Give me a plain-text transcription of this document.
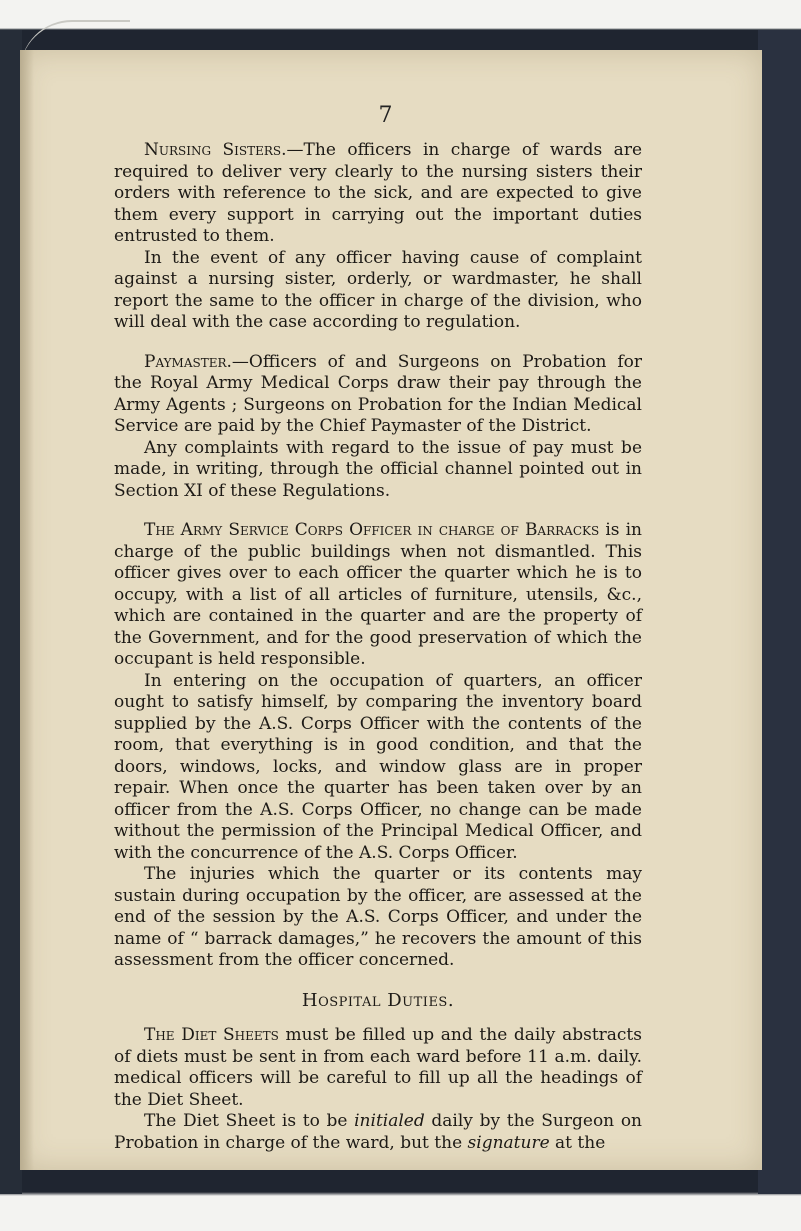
7

Nursing Sisters.—The officers in charge of wards are required to deliver very clearly to the nursing sisters their orders with reference to the sick, and are expected to give them every support in carrying out the important duties entrusted to them.

In the event of any officer having cause of complaint against a nursing sister, orderly, or wardmaster, he shall report the same to the officer in charge of the division, who will deal with the case according to regulation.

Paymaster.—Officers of and Surgeons on Probation for the Royal Army Medical Corps draw their pay through the Army Agents ; Surgeons on Probation for the Indian Medical Service are paid by the Chief Paymaster of the District.

Any complaints with regard to the issue of pay must be made, in writing, through the official channel pointed out in Section XI of these Regulations.

The Army Service Corps Officer in charge of Barracks is in charge of the public buildings when not dismantled. This officer gives over to each officer the quarter which he is to occupy, with a list of all articles of furniture, utensils, &c., which are contained in the quarter and are the property of the Government, and for the good preservation of which the occupant is held responsible.

In entering on the occupation of quarters, an officer ought to satisfy himself, by comparing the inventory board supplied by the A.S. Corps Officer with the contents of the room, that everything is in good condition, and that the doors, windows, locks, and window glass are in proper repair. When once the quarter has been taken over by an officer from the A.S. Corps Officer, no change can be made without the permission of the Principal Medical Officer, and with the concurrence of the A.S. Corps Officer.

The injuries which the quarter or its contents may sustain during occupation by the officer, are assessed at the end of the session by the A.S. Corps Officer, and under the name of “ barrack damages,” he recovers the amount of this assessment from the officer concerned.

Hospital Duties.

The Diet Sheets must be filled up and the daily abstracts of diets must be sent in from each ward before 11 a.m. daily. medical officers will be careful to fill up all the headings of the Diet Sheet.

The Diet Sheet is to be initialed daily by the Surgeon on Probation in charge of the ward, but the signature at the
